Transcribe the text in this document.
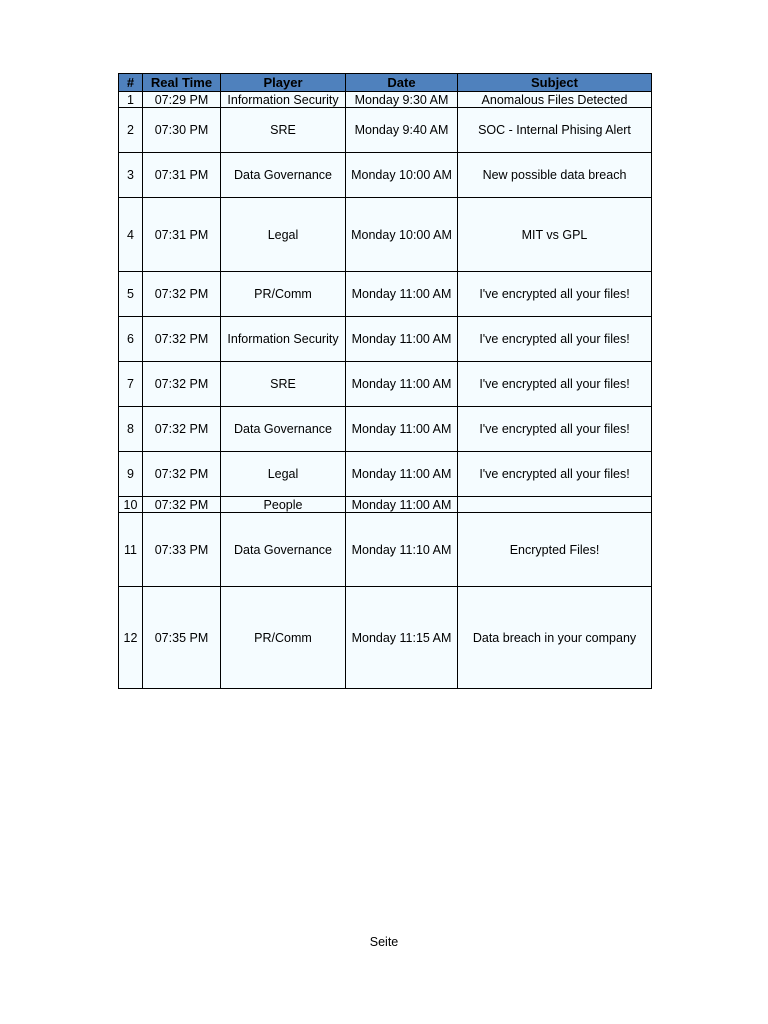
#	Real Time	Player	Date	Subject
1	07:29 PM	Information Security	Monday 9:30 AM	Anomalous Files Detected
2	07:30 PM	SRE	Monday 9:40 AM	SOC - Internal Phising Alert
3	07:31 PM	Data Governance	Monday 10:00 AM	New possible data breach
4	07:31 PM	Legal	Monday 10:00 AM	MIT vs GPL
5	07:32 PM	PR/Comm	Monday 11:00 AM	I've encrypted all your files!
6	07:32 PM	Information Security	Monday 11:00 AM	I've encrypted all your files!
7	07:32 PM	SRE	Monday 11:00 AM	I've encrypted all your files!
8	07:32 PM	Data Governance	Monday 11:00 AM	I've encrypted all your files!
9	07:32 PM	Legal	Monday 11:00 AM	I've encrypted all your files!
10	07:32 PM	People	Monday 11:00 AM	
11	07:33 PM	Data Governance	Monday 11:10 AM	Encrypted Files!
12	07:35 PM	PR/Comm	Monday 11:15 AM	Data breach in your company
Seite
